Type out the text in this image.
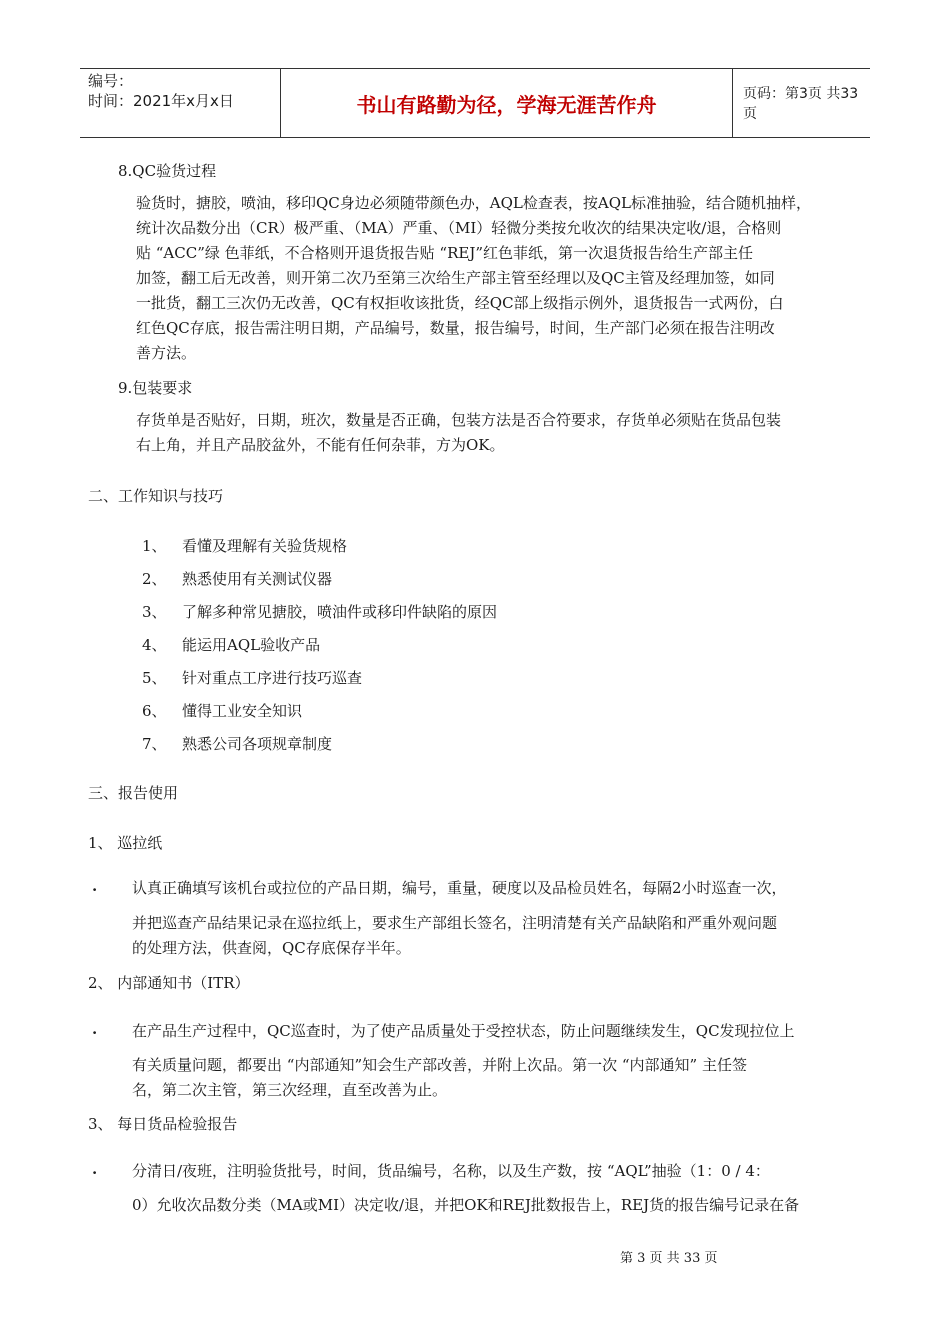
编号：
时间：2021年x月x日	书山有路勤为径，学海无涯苦作舟	页码：第3页 共33页
8.QC验货过程
验货时，搪胶，喷油，移印QC身边必须随带颜色办，AQL检查表，按AQL标准抽验，结合随机抽样，
统计次品数分出（CR）极严重、（MA）严重、（MI）轻微分类按允收次的结果决定收/退，合格则
贴 “ACC”绿 色菲纸，不合格则开退货报告贴 “REJ”红色菲纸，第一次退货报告给生产部主任
加签，翻工后无改善，则开第二次乃至第三次给生产部主管至经理以及QC主管及经理加签，如同
一批货，翻工三次仍无改善，QC有权拒收该批货，经QC部上级指示例外，退货报告一式两份，白
红色QC存底，报告需注明日期，产品编号，数量，报告编号，时间，生产部门必须在报告注明改
善方法。
9.包装要求
存货单是否贴好，日期，班次，数量是否正确，包装方法是否合符要求，存货单必须贴在货品包装
右上角，并且产品胶盆外，不能有任何杂菲，方为OK。
二、工作知识与技巧
1、 看懂及理解有关验货规格
2、 熟悉使用有关测试仪器
3、 了解多种常见搪胶，喷油件或移印件缺陷的原因
4、 能运用AQL验收产品
5、 针对重点工序进行技巧巡查
6、 懂得工业安全知识
7、 熟悉公司各项规章制度
三、报告使用
1、 巡拉纸
. 认真正确填写该机台或拉位的产品日期，编号，重量，硬度以及品检员姓名，每隔2小时巡查一次，
并把巡查产品结果记录在巡拉纸上，要求生产部组长签名，注明清楚有关产品缺陷和严重外观问题
的处理方法，供查阅，QC存底保存半年。
2、 内部通知书（ITR）
. 在产品生产过程中，QC巡查时，为了使产品质量处于受控状态，防止问题继续发生，QC发现拉位上
有关质量问题，都要出 “内部通知”知会生产部改善，并附上次品。第一次 “内部通知” 主任签
名，第二次主管，第三次经理，直至改善为止。
3、 每日货品检验报告
. 分清日/夜班，注明验货批号，时间，货品编号，名称，以及生产数，按 “AQL”抽验（1：0 / 4：
0）允收次品数分类（MA或MI）决定收/退，并把OK和REJ批数报告上，REJ货的报告编号记录在备
第 3 页 共 33 页
